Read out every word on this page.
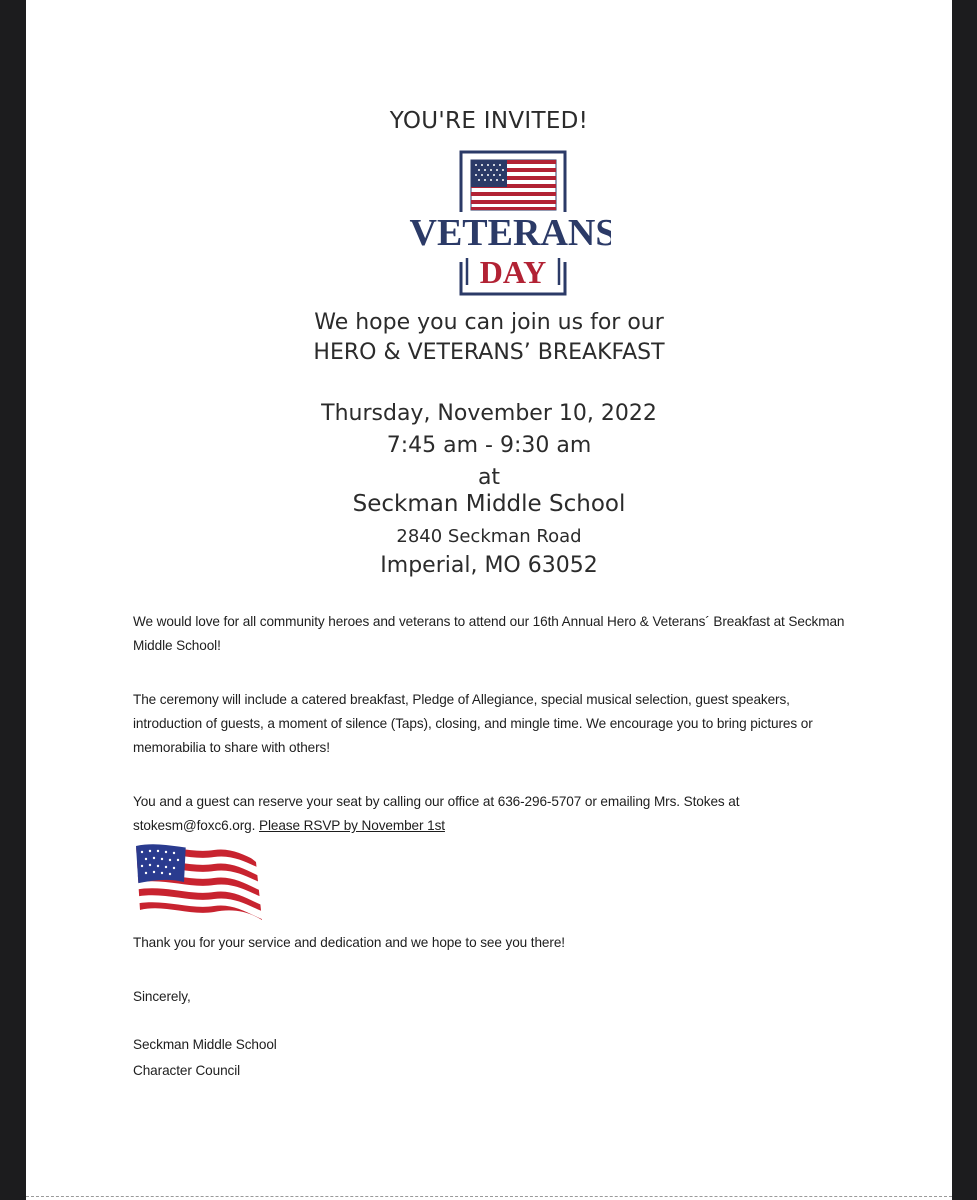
YOU'RE INVITED!
VETERANS
DAY
We hope you can join us for our
HERO & VETERANS’ BREAKFAST
Thursday, November 10, 2022
7:45 am - 9:30 am
at
Seckman Middle School
2840 Seckman Road
Imperial, MO 63052
We would love for all community heroes and veterans to attend our 16th Annual Hero & Veterans´ Breakfast at Seckman Middle School!
The ceremony will include a catered breakfast, Pledge of Allegiance, special musical selection, guest speakers, introduction of guests, a moment of silence (Taps), closing, and mingle time. We encourage you to bring pictures or memorabilia to share with others!
You and a guest can reserve your seat by calling our office at 636-296-5707 or emailing Mrs. Stokes at stokesm@foxc6.org. Please RSVP by November 1st
Thank you for your service and dedication and we hope to see you there!
Sincerely,
Seckman Middle School
Character Council
